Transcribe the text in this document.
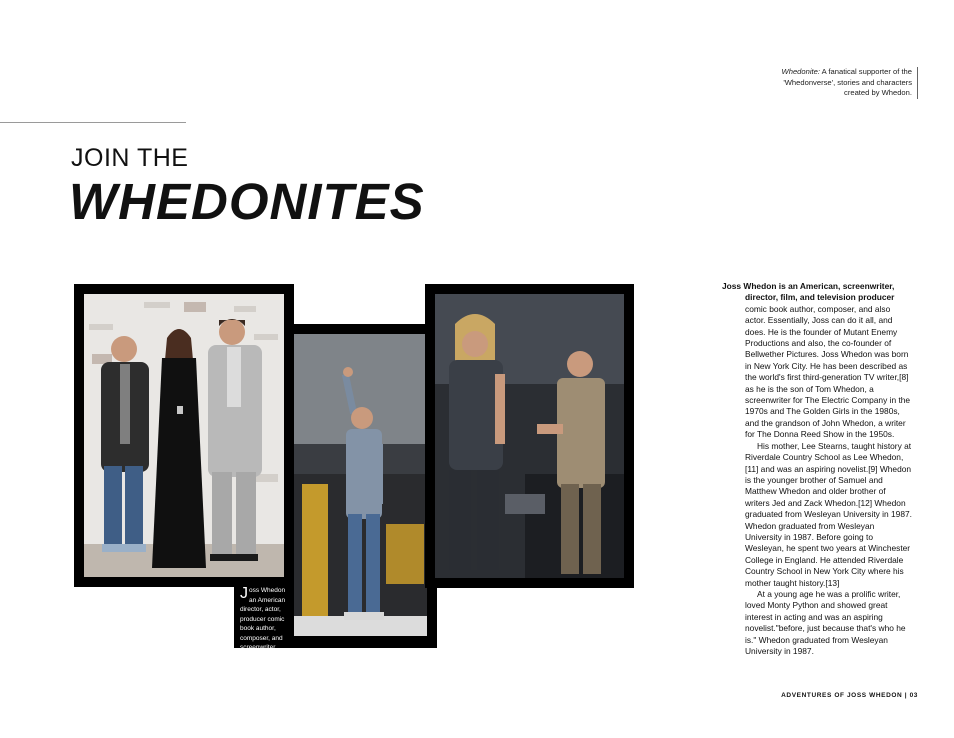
Whedonite: A fanatical supporter of the 'Whedonverse', stories and characters created by Whedon.
JOIN THE
WHEDONITES
Joss Whedon an American director, actor, producer comic book author, composer, and screenwriter.
Joss Whedon is an American, screenwriter, director, film, and television producer comic book author, composer, and also actor. Essentially, Joss can do it all, and does. He is the founder of Mutant Enemy Productions and also, the co-founder of Bellwether Pictures. Joss Whedon was born in New York City. He has been described as the world's first third-generation TV writer,[8] as he is the son of Tom Whedon, a screenwriter for The Electric Company in the 1970s and The Golden Girls in the 1980s, and the grandson of John Whedon, a writer for The Donna Reed Show in the 1950s.
His mother, Lee Stearns, taught history at Riverdale Country School as Lee Whedon,[11] and was an aspiring novelist.[9] Whedon is the younger brother of Samuel and Matthew Whedon and older brother of writers Jed and Zack Whedon.[12] Whedon graduated from Wesleyan University in 1987. Whedon graduated from Wesleyan University in 1987. Before going to Wesleyan, he spent two years at Winchester College in England. He attended Riverdale Country School in New York City where his mother taught history.[13]
At a young age he was a prolific writer, loved Monty Python and showed great interest in acting and was an aspiring novelist."before, just because that's who he is." Whedon graduated from Wesleyan University in 1987.
ADVENTURES OF JOSS WHEDON | 03
